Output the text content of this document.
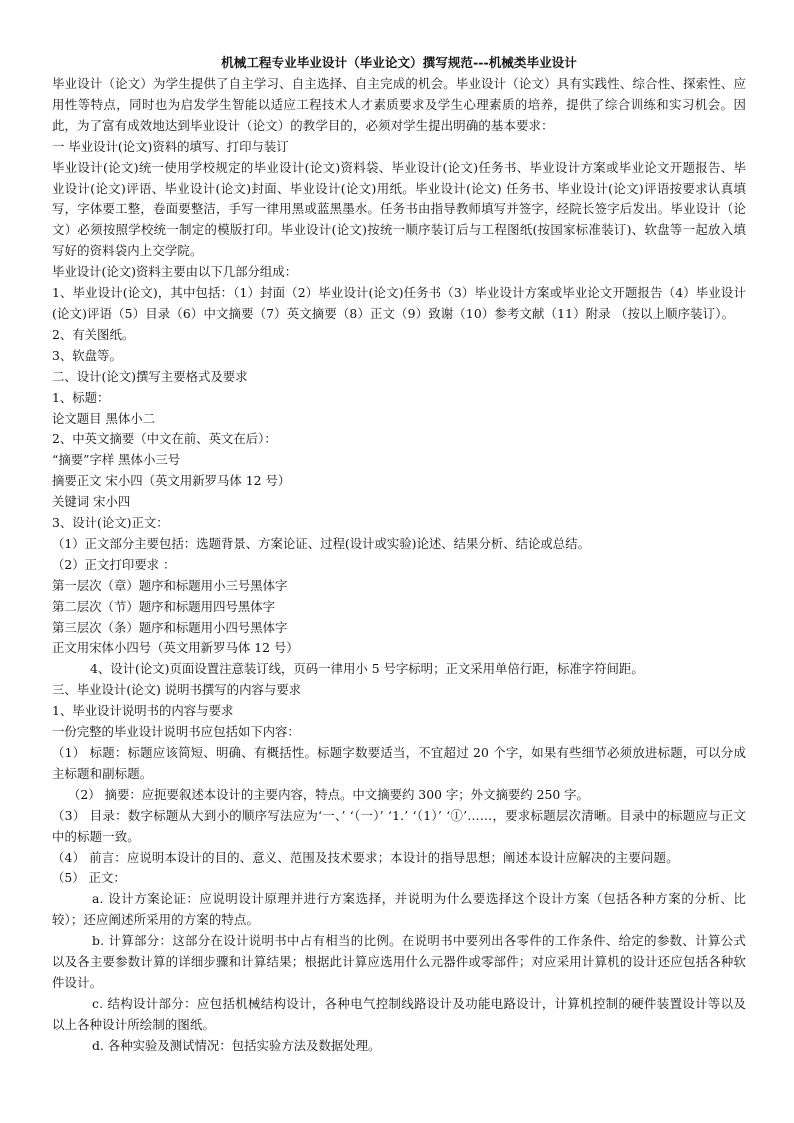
机械工程专业毕业设计（毕业论文）撰写规范---机械类毕业设计

毕业设计（论文）为学生提供了自主学习、自主选择、自主完成的机会。毕业设计（论文）具有实践性、综合性、探索性、应用性等特点，同时也为启发学生智能以适应工程技术人才素质要求及学生心理素质的培养，提供了综合训练和实习机会。因此，为了富有成效地达到毕业设计（论文）的教学目的，必须对学生提出明确的基本要求：

一 毕业设计(论文)资料的填写、打印与装订

毕业设计(论文)统一使用学校规定的毕业设计(论文)资料袋、毕业设计(论文)任务书、毕业设计方案或毕业论文开题报告、毕业设计(论文)评语、毕业设计(论文)封面、毕业设计(论文)用纸。毕业设计(论文) 任务书、毕业设计(论文)评语按要求认真填写，字体要工整，卷面要整洁，手写一律用黑或蓝黑墨水。任务书由指导教师填写并签字，经院长签字后发出。毕业设计（论文）必须按照学校统一制定的模版打印。毕业设计(论文)按统一顺序装订后与工程图纸(按国家标准装订)、软盘等一起放入填写好的资料袋内上交学院。

毕业设计(论文)资料主要由以下几部分组成：

1、毕业设计(论文)，其中包括：（1）封面（2）毕业设计(论文)任务书（3）毕业设计方案或毕业论文开题报告（4）毕业设计(论文)评语（5）目录（6）中文摘要（7）英文摘要（8）正文（9）致谢（10）参考文献（11）附录 （按以上顺序装订）。

2、有关图纸。

3、软盘等。

二、设计(论文)撰写主要格式及要求

1、标题：

论文题目 黑体小二

2、中英文摘要（中文在前、英文在后）：

“摘要”字样 黑体小三号

摘要正文 宋小四（英文用新罗马体 12 号）

关键词 宋小四

3、设计(论文)正文：

（1）正文部分主要包括：选题背景、方案论证、过程(设计或实验)论述、结果分析、结论或总结。

（2）正文打印要求 ：

第一层次（章）题序和标题用小三号黑体字

第二层次（节）题序和标题用四号黑体字

第三层次（条）题序和标题用小四号黑体字

正文用宋体小四号（英文用新罗马体 12 号）

4、设计(论文)页面设置注意装订线，页码一律用小 5 号字标明；正文采用单倍行距，标准字符间距。

三、毕业设计(论文) 说明书撰写的内容与要求

1、毕业设计说明书的内容与要求

一份完整的毕业设计说明书应包括如下内容：

（1） 标题：标题应该简短、明确、有概括性。标题字数要适当，不宜超过 20 个字，如果有些细节必须放进标题，可以分成主标题和副标题。

（2） 摘要：应扼要叙述本设计的主要内容，特点。中文摘要约 300 字；外文摘要约 250 字。

（3） 目录：数字标题从大到小的顺序写法应为‘一、’ ‘（一）’ ‘1.’ ‘（1）’ ‘①’……，要求标题层次清晰。目录中的标题应与正文中的标题一致。

（4） 前言：应说明本设计的目的、意义、范围及技术要求；本设计的指导思想；阐述本设计应解决的主要问题。

（5） 正文：

a. 设计方案论证：应说明设计原理并进行方案选择，并说明为什么要选择这个设计方案（包括各种方案的分析、比较）；还应阐述所采用的方案的特点。

b. 计算部分：这部分在设计说明书中占有相当的比例。在说明书中要列出各零件的工作条件、给定的参数、计算公式以及各主要参数计算的详细步骤和计算结果；根据此计算应选用什么元器件或零部件；对应采用计算机的设计还应包括各种软件设计。

c. 结构设计部分：应包括机械结构设计，各种电气控制线路设计及功能电路设计，计算机控制的硬件装置设计等以及以上各种设计所绘制的图纸。

d. 各种实验及测试情况：包括实验方法及数据处理。
